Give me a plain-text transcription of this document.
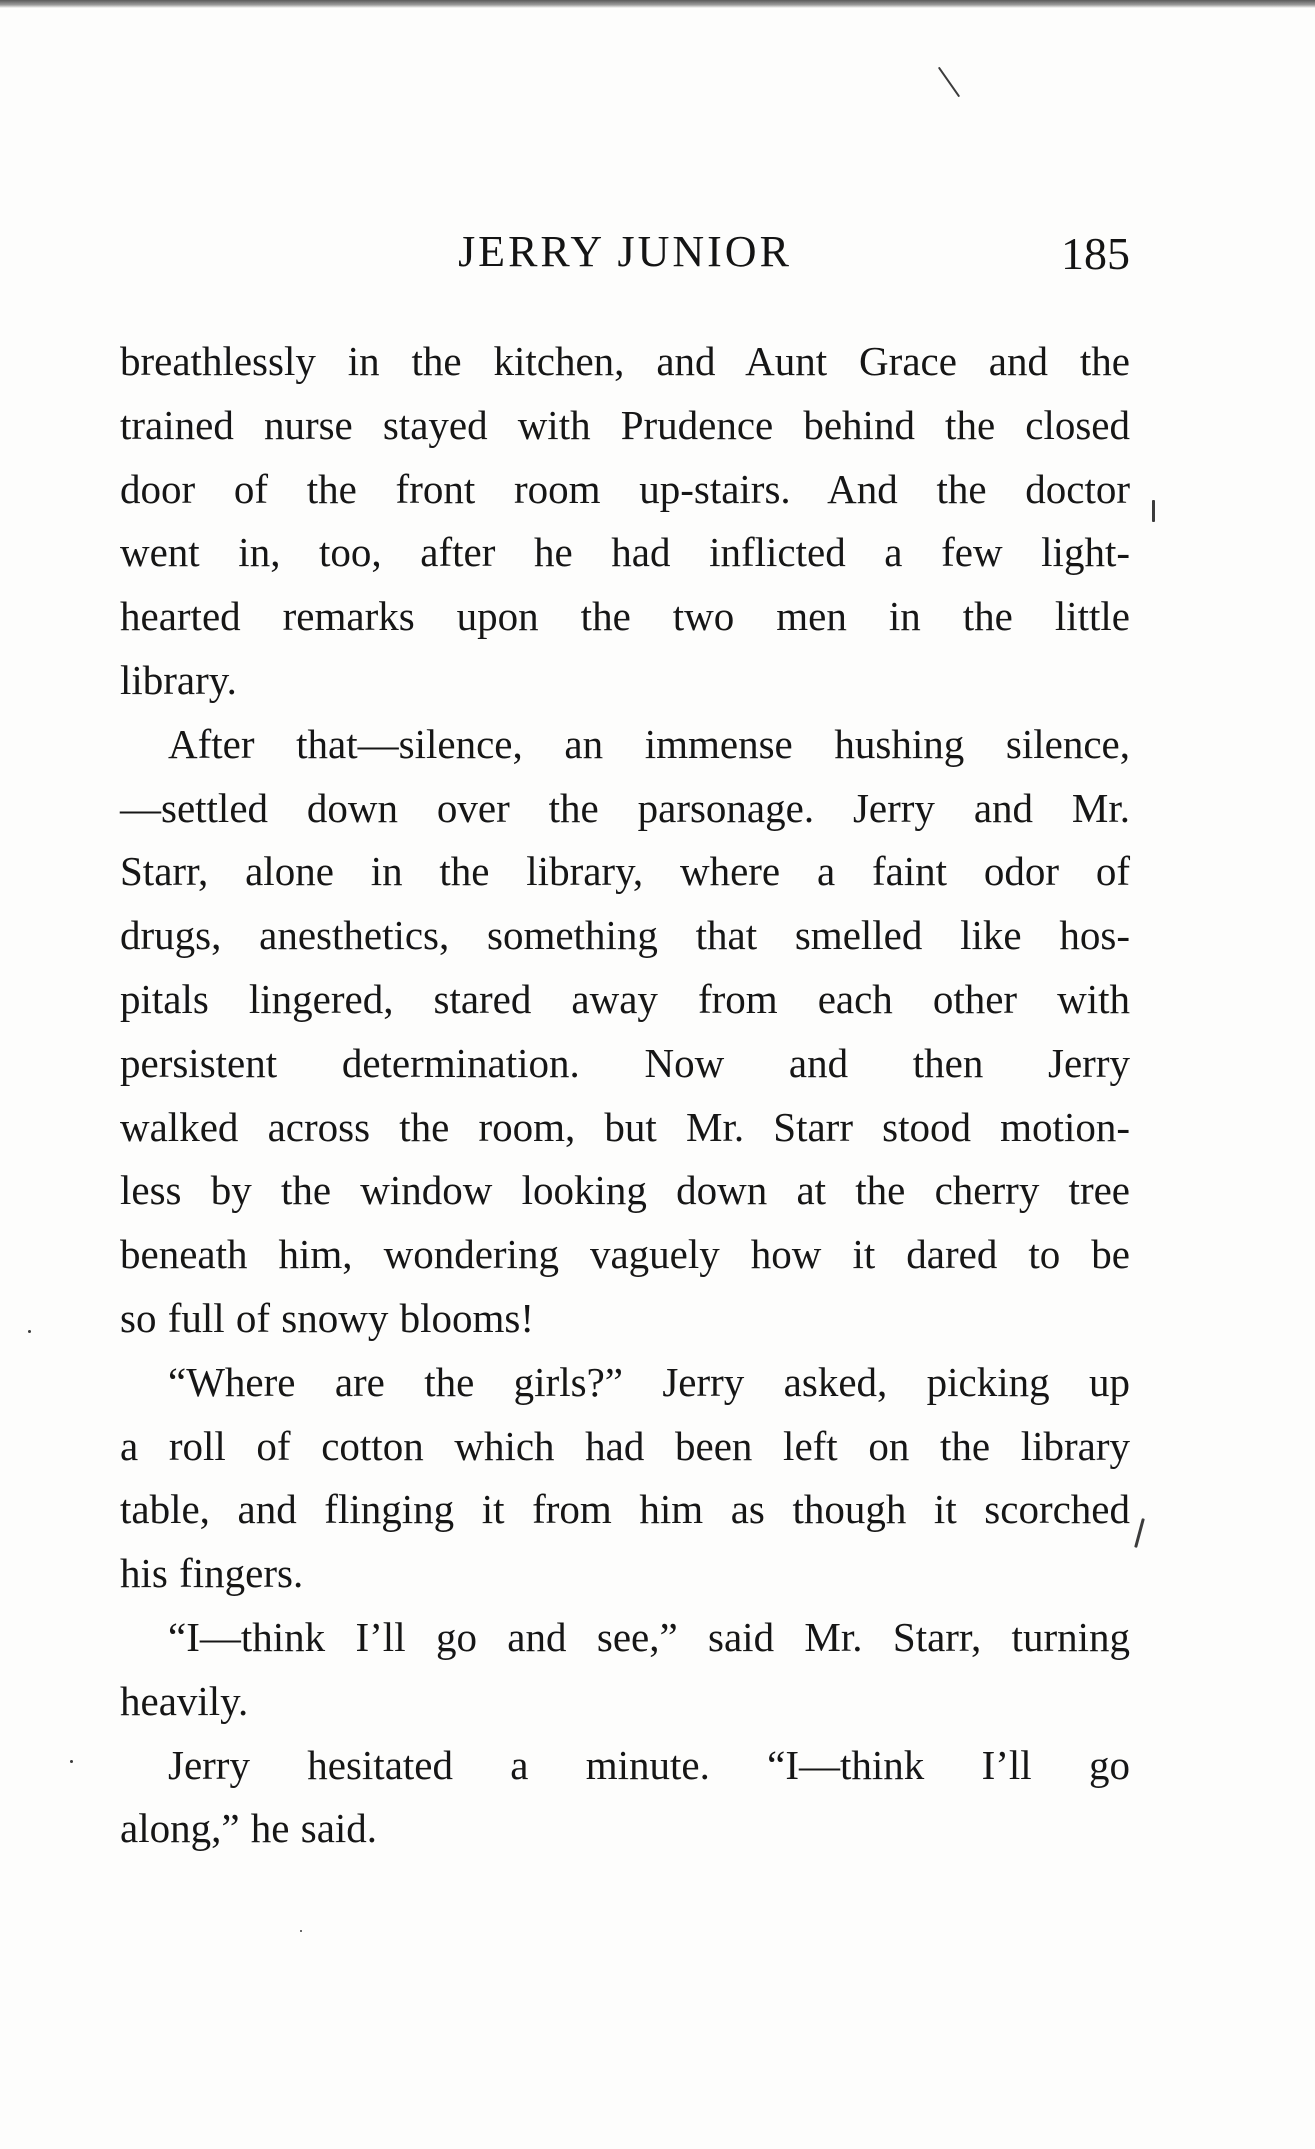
JERRY JUNIOR	185

breathlessly in the kitchen, and Aunt Grace and the
trained nurse stayed with Prudence behind the closed
door of the front room up-stairs. And the doctor
went in, too, after he had inflicted a few light-
hearted remarks upon the two men in the little
library.

After that—silence, an immense hushing silence,
—settled down over the parsonage. Jerry and Mr.
Starr, alone in the library, where a faint odor of
drugs, anesthetics, something that smelled like hos-
pitals lingered, stared away from each other with
persistent determination. Now and then Jerry
walked across the room, but Mr. Starr stood motion-
less by the window looking down at the cherry tree
beneath him, wondering vaguely how it dared to be
so full of snowy blooms!

“Where are the girls?” Jerry asked, picking up
a roll of cotton which had been left on the library
table, and flinging it from him as though it scorched
his fingers.

“I—think I’ll go and see,” said Mr. Starr, turning
heavily.

Jerry hesitated a minute. “I—think I’ll go
along,” he said.
